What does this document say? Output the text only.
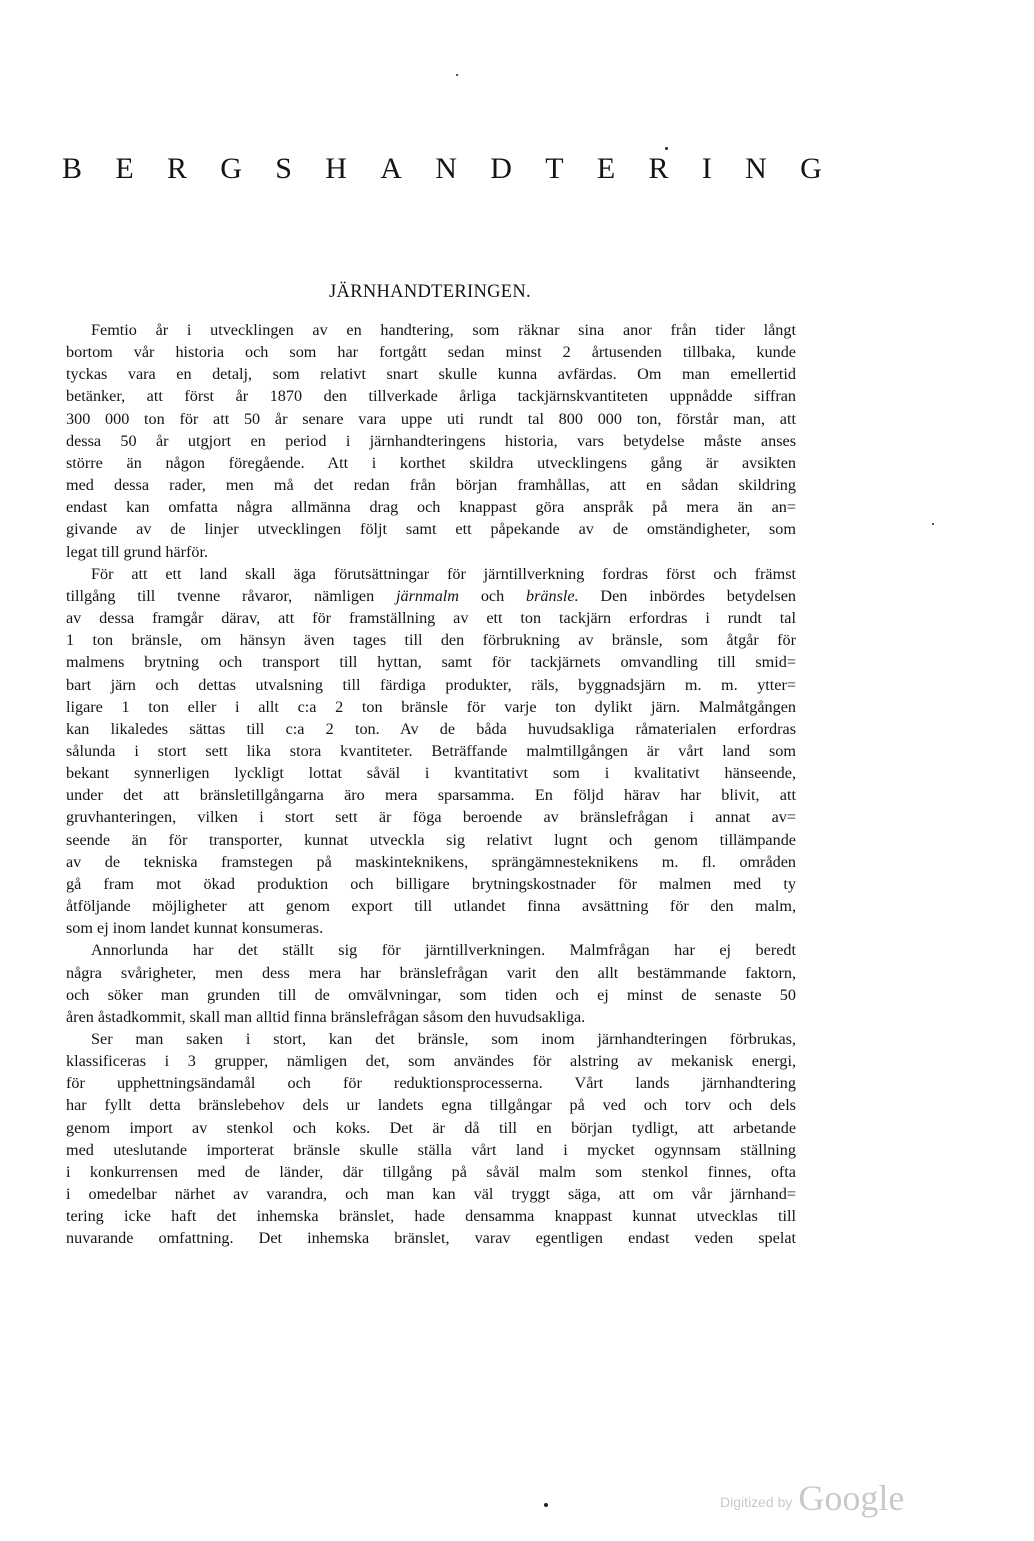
B E R G S H A N D T E R I N G
JÄRNHANDTERINGEN.
Femtio år i utvecklingen av en handtering, som räknar sina anor från tider långt
bortom vår historia och som har fortgått sedan minst 2 årtusenden tillbaka, kunde
tyckas vara en detalj, som relativt snart skulle kunna avfärdas. Om man emellertid
betänker, att först år 1870 den tillverkade årliga tackjärnskvantiteten uppnådde siffran
300 000 ton för att 50 år senare vara uppe uti rundt tal 800 000 ton, förstår man, att
dessa 50 år utgjort en period i järnhandteringens historia, vars betydelse måste anses
större än någon föregående. Att i korthet skildra utvecklingens gång är avsikten
med dessa rader, men må det redan från början framhållas, att en sådan skildring
endast kan omfatta några allmänna drag och knappast göra anspråk på mera än an=
givande av de linjer utvecklingen följt samt ett påpekande av de omständigheter, som
legat till grund härför.
För att ett land skall äga förutsättningar för järntillverkning fordras först och främst
tillgång till tvenne råvaror, nämligen järnmalm och bränsle. Den inbördes betydelsen
av dessa framgår därav, att för framställning av ett ton tackjärn erfordras i rundt tal
1 ton bränsle, om hänsyn även tages till den förbrukning av bränsle, som åtgår för
malmens brytning och transport till hyttan, samt för tackjärnets omvandling till smid=
bart järn och dettas utvalsning till färdiga produkter, räls, byggnadsjärn m. m. ytter=
ligare 1 ton eller i allt c:a 2 ton bränsle för varje ton dylikt järn. Malmåtgången
kan likaledes sättas till c:a 2 ton. Av de båda huvudsakliga råmaterialen erfordras
sålunda i stort sett lika stora kvantiteter. Beträffande malmtillgången är vårt land som
bekant synnerligen lyckligt lottat såväl i kvantitativt som i kvalitativt hänseende,
under det att bränsletillgångarna äro mera sparsamma. En följd härav har blivit, att
gruvhanteringen, vilken i stort sett är föga beroende av bränslefrågan i annat av=
seende än för transporter, kunnat utveckla sig relativt lugnt och genom tillämpande
av de tekniska framstegen på maskinteknikens, sprängämnesteknikens m. fl. områden
gå fram mot ökad produktion och billigare brytningskostnader för malmen med ty
åtföljande möjligheter att genom export till utlandet finna avsättning för den malm,
som ej inom landet kunnat konsumeras.
Annorlunda har det ställt sig för järntillverkningen. Malmfrågan har ej beredt
några svårigheter, men dess mera har bränslefrågan varit den allt bestämmande faktorn,
och söker man grunden till de omvälvningar, som tiden och ej minst de senaste 50
åren åstadkommit, skall man alltid finna bränslefrågan såsom den huvudsakliga.
Ser man saken i stort, kan det bränsle, som inom järnhandteringen förbrukas,
klassificeras i 3 grupper, nämligen det, som användes för alstring av mekanisk energi,
för upphettningsändamål och för reduktionsprocesserna. Vårt lands järnhandtering
har fyllt detta bränslebehov dels ur landets egna tillgångar på ved och torv och dels
genom import av stenkol och koks. Det är då till en början tydligt, att arbetande
med uteslutande importerat bränsle skulle ställa vårt land i mycket ogynnsam ställning
i konkurrensen med de länder, där tillgång på såväl malm som stenkol finnes, ofta
i omedelbar närhet av varandra, och man kan väl tryggt säga, att om vår järnhand=
tering icke haft det inhemska bränslet, hade densamma knappast kunnat utvecklas till
nuvarande omfattning. Det inhemska bränslet, varav egentligen endast veden spelat
Digitized by Google
